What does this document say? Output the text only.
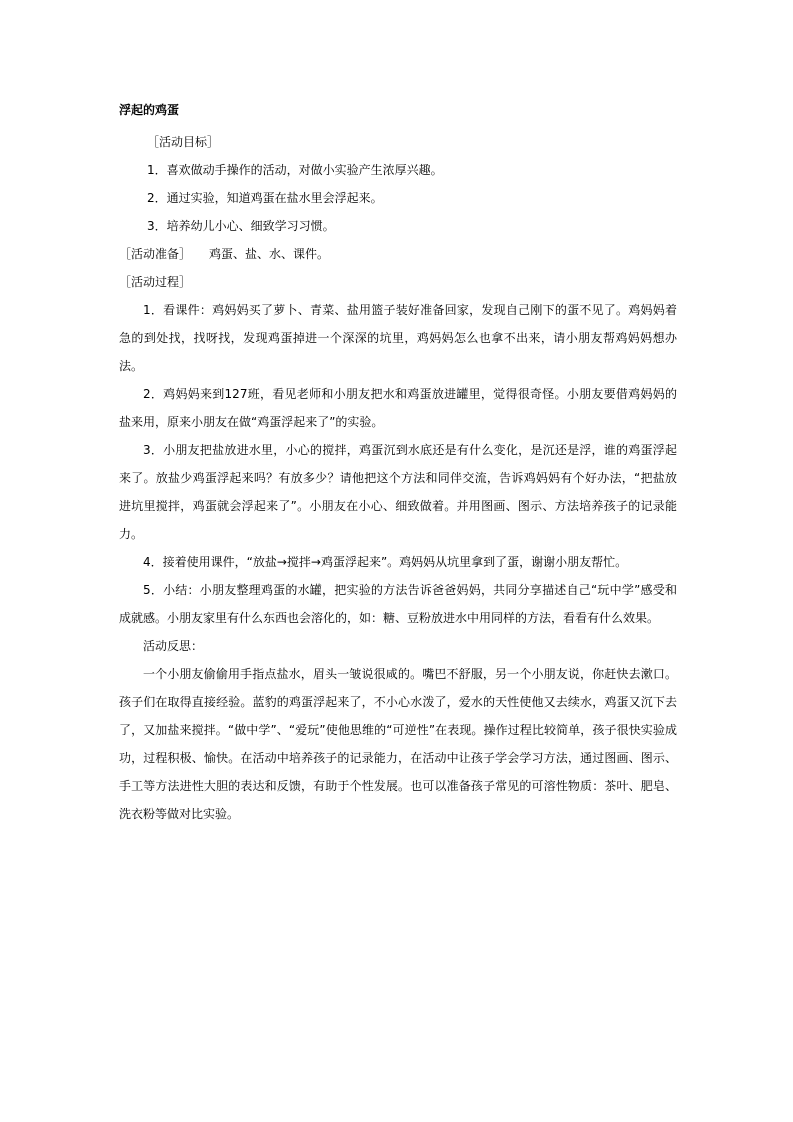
浮起的鸡蛋
［活动目标］
1．喜欢做动手操作的活动，对做小实验产生浓厚兴趣。
2．通过实验，知道鸡蛋在盐水里会浮起来。
3．培养幼儿小心、细致学习习惯。
［活动准备］ 鸡蛋、盐、水、课件。
［活动过程］

1．看课件：鸡妈妈买了萝卜、青菜、盐用篮子装好准备回家，发现自己刚下的蛋不见了。鸡妈妈着急的到处找，找呀找，发现鸡蛋掉进一个深深的坑里，鸡妈妈怎么也拿不出来，请小朋友帮鸡妈妈想办法。

2．鸡妈妈来到127班，看见老师和小朋友把水和鸡蛋放进罐里，觉得很奇怪。小朋友要借鸡妈妈的盐来用，原来小朋友在做“鸡蛋浮起来了”的实验。

3．小朋友把盐放进水里，小心的搅拌，鸡蛋沉到水底还是有什么变化，是沉还是浮，谁的鸡蛋浮起来了。放盐少鸡蛋浮起来吗？有放多少？请他把这个方法和同伴交流，告诉鸡妈妈有个好办法，“把盐放进坑里搅拌，鸡蛋就会浮起来了”。小朋友在小心、细致做着。并用图画、图示、方法培养孩子的记录能力。

4．接着使用课件，“放盐→搅拌→鸡蛋浮起来”。鸡妈妈从坑里拿到了蛋，谢谢小朋友帮忙。

5．小结：小朋友整理鸡蛋的水罐，把实验的方法告诉爸爸妈妈，共同分享描述自己“玩中学”感受和成就感。小朋友家里有什么东西也会溶化的，如：糖、豆粉放进水中用同样的方法，看看有什么效果。

活动反思：

一个小朋友偷偷用手指点盐水，眉头一皱说很咸的。嘴巴不舒服，另一个小朋友说，你赶快去漱口。孩子们在取得直接经验。蓝豹的鸡蛋浮起来了，不小心水泼了，爱水的天性使他又去续水，鸡蛋又沉下去了，又加盐来搅拌。“做中学”、“爱玩”使他思维的“可逆性”在表现。操作过程比较简单，孩子很快实验成功，过程积极、愉快。在活动中培养孩子的记录能力，在活动中让孩子学会学习方法，通过图画、图示、手工等方法进性大胆的表达和反馈，有助于个性发展。也可以准备孩子常见的可溶性物质：茶叶、肥皂、洗衣粉等做对比实验。
